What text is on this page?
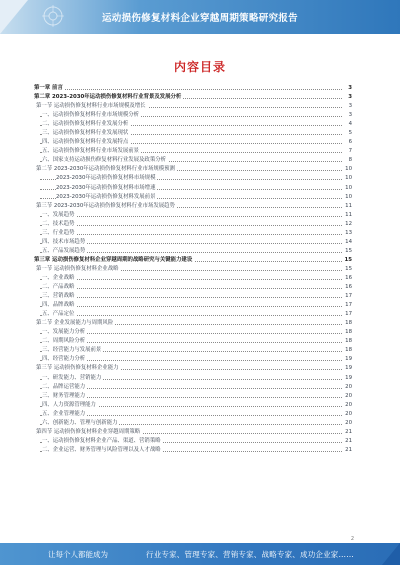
运动损伤修复材料企业穿越周期策略研究报告
内容目录
第一章 前言	3
第二章 2023-2030年运动损伤修复材料行业背景及发展分析	3
第一节 运动损伤修复材料行业市场规模及增长	3
一、运动损伤修复材料行业市场规模分析	3
二、运动损伤修复材料行业发展分析	4
三、运动损伤修复材料行业发展现状	5
四、运动损伤修复材料行业发展特点	6
五、运动损伤修复材料行业市场发展前景	7
六、国家支持运动损伤修复材料行业发展及政策分析	8
第二节 2023-2030年运动损伤修复材料行业市场规模预测	10
2023-2030年运动损伤修复材料市场规模	10
2023-2030年运动损伤修复材料市场增速	10
2023-2030年运动损伤修复材料发展前景	10
第三节 2023-2030年运动损伤修复材料行业市场发展趋势	11
一、发展趋势	11
二、技术趋势	12
三、行业趋势	13
四、技术市场趋势	14
五、产品发展趋势	15
第三章 运动损伤修复材料企业穿越周期的战略研究与关键能力建设	15
第一节 运动损伤修复材料企业战略	15
一、企业战略	16
二、产品战略	16
三、营销战略	17
四、品牌战略	17
五、产品定位	17
第二节 企业发展能力与周期风险	18
一、发展能力分析	18
二、周期风险分析	18
三、经营能力与发展前景	18
四、经营能力分析	19
第三节 运动损伤修复材料企业能力	19
一、研发能力、营销能力	19
二、品牌运营能力	20
三、财务管理能力	20
四、人力资源管理能力	20
五、企业管理能力	20
六、创新能力、管理与创新能力	20
第四节 运动损伤修复材料企业穿越周期策略	21
一、运动损伤修复材料企业产品、渠道、营销策略	21
二、企业运营、财务管理与风险管理以及人才战略	21
2
让每个人都能成为	行业专家、管理专家、营销专家、战略专家、成功企业家……
